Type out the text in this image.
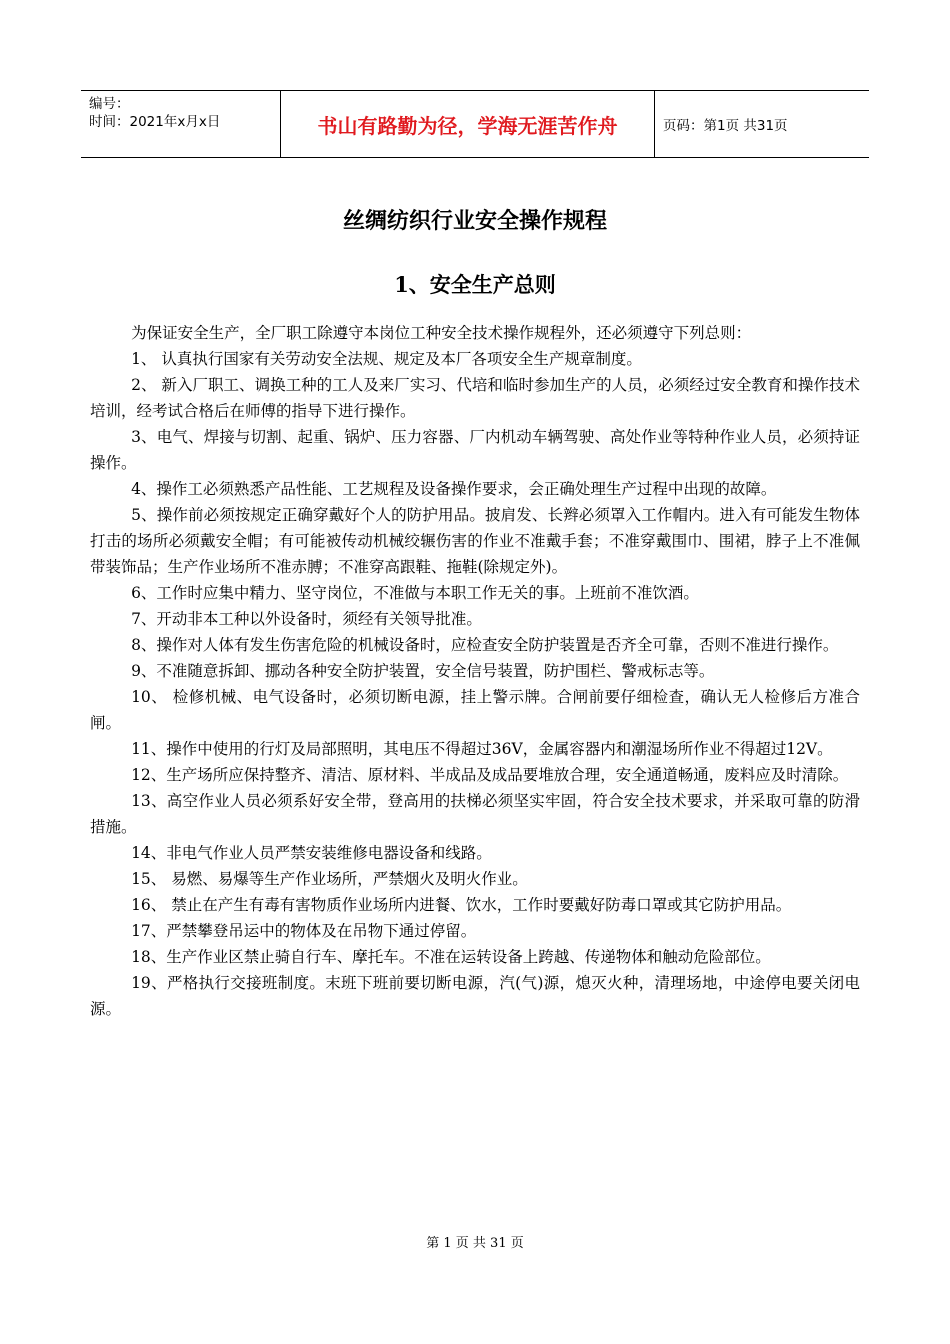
编号：
时间：2021年x月x日	书山有路勤为径，学海无涯苦作舟	页码：第1页 共31页
丝绸纺织行业安全操作规程
1、安全生产总则

为保证安全生产，全厂职工除遵守本岗位工种安全技术操作规程外，还必须遵守下列总则：

1、 认真执行国家有关劳动安全法规、规定及本厂各项安全生产规章制度。

2、 新入厂职工、调换工种的工人及来厂实习、代培和临时参加生产的人员，必须经过安全教育和操作技术培训，经考试合格后在师傅的指导下进行操作。

3、电气、焊接与切割、起重、锅炉、压力容器、厂内机动车辆驾驶、高处作业等特种作业人员，必须持证操作。

4、操作工必须熟悉产品性能、工艺规程及设备操作要求，会正确处理生产过程中出现的故障。

5、操作前必须按规定正确穿戴好个人的防护用品。披肩发、长辫必须罩入工作帽内。进入有可能发生物体打击的场所必须戴安全帽；有可能被传动机械绞辗伤害的作业不准戴手套；不准穿戴围巾、围裙，脖子上不准佩带装饰品；生产作业场所不准赤膊；不准穿高跟鞋、拖鞋(除规定外)。

6、工作时应集中精力、坚守岗位，不准做与本职工作无关的事。上班前不准饮酒。

7、开动非本工种以外设备时，须经有关领导批准。

8、操作对人体有发生伤害危险的机械设备时，应检查安全防护装置是否齐全可靠，否则不准进行操作。

9、不准随意拆卸、挪动各种安全防护装置，安全信号装置，防护围栏、警戒标志等。

10、 检修机械、电气设备时，必须切断电源，挂上警示牌。合闸前要仔细检查，确认无人检修后方准合闸。

11、操作中使用的行灯及局部照明，其电压不得超过36V，金属容器内和潮湿场所作业不得超过12V。

12、生产场所应保持整齐、清洁、原材料、半成品及成品要堆放合理，安全通道畅通，废料应及时清除。

13、高空作业人员必须系好安全带，登高用的扶梯必须坚实牢固，符合安全技术要求，并采取可靠的防滑措施。

14、非电气作业人员严禁安装维修电器设备和线路。

15、 易燃、易爆等生产作业场所，严禁烟火及明火作业。

16、 禁止在产生有毒有害物质作业场所内进餐、饮水，工作时要戴好防毒口罩或其它防护用品。

17、严禁攀登吊运中的物体及在吊物下通过停留。

18、生产作业区禁止骑自行车、摩托车。不准在运转设备上跨越、传递物体和触动危险部位。

19、严格执行交接班制度。末班下班前要切断电源，汽(气)源，熄灭火种，清理场地，中途停电要关闭电源。

第 1 页 共 31 页
